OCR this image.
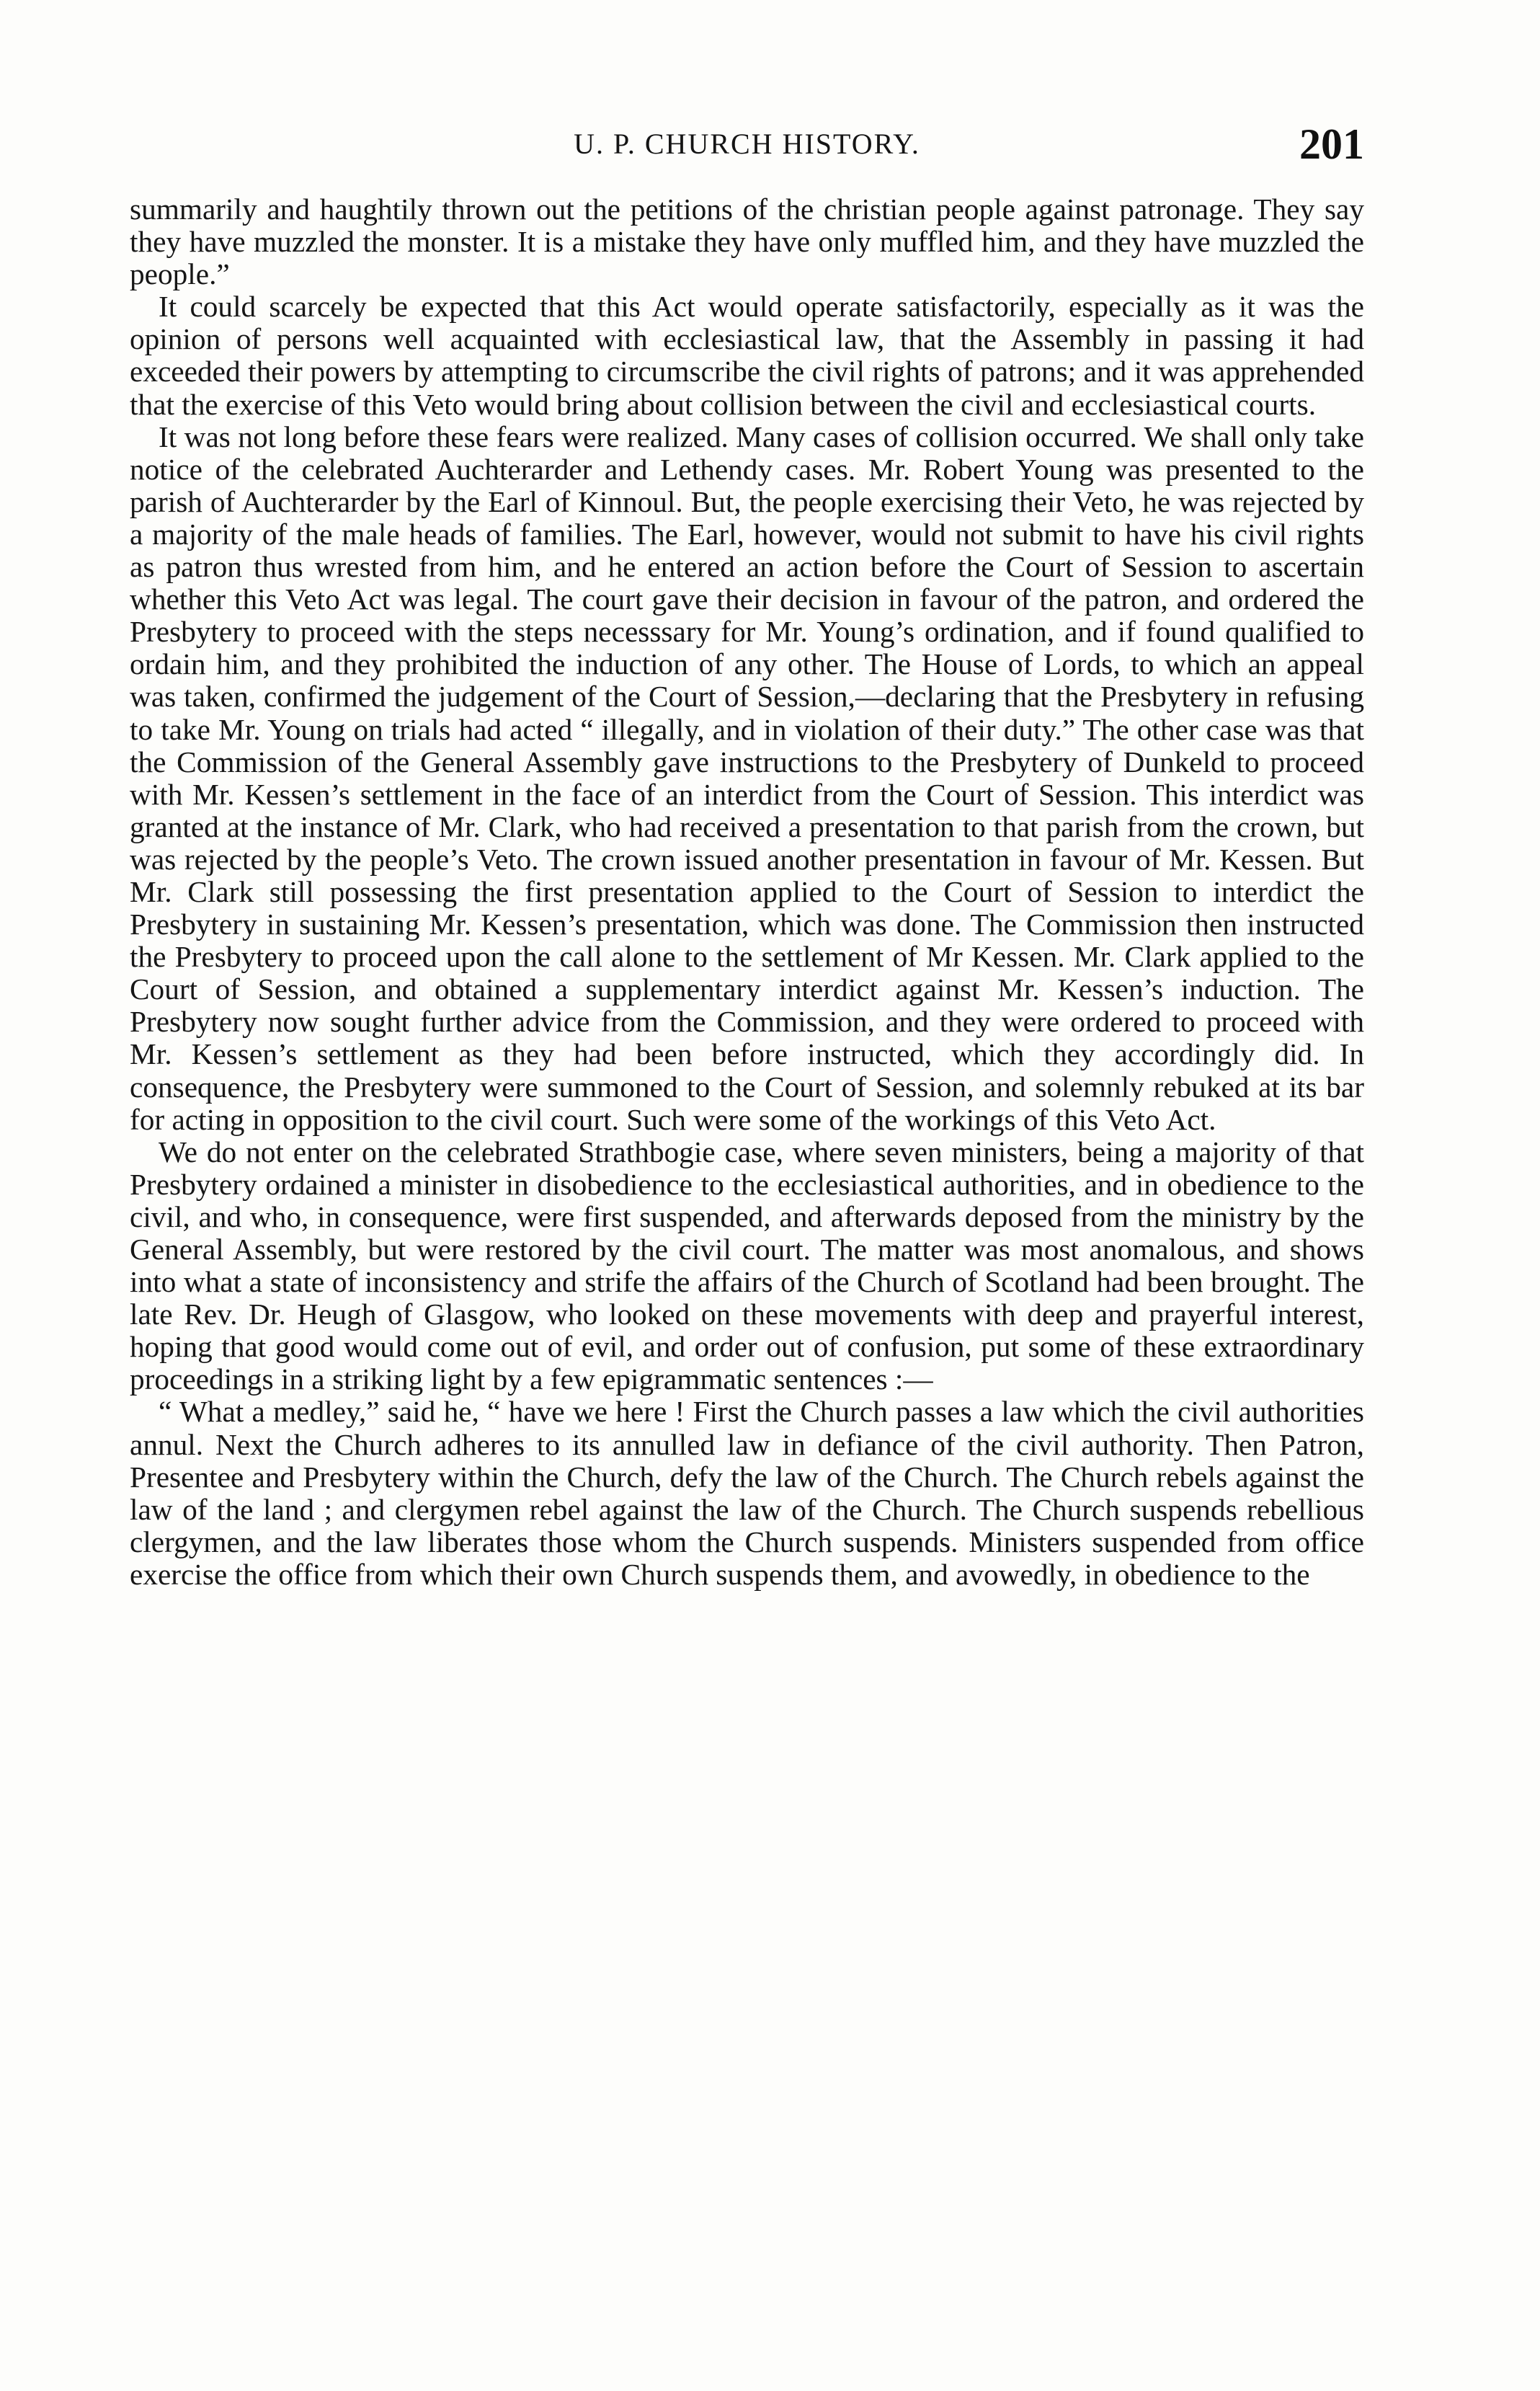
U. P. CHURCH HISTORY.	201

summarily and haughtily thrown out the petitions of the christian people against patronage. They say they have muzzled the monster. It is a mistake they have only muffled him, and they have muzzled the people.”

It could scarcely be expected that this Act would operate satisfactorily, especially as it was the opinion of persons well acquainted with ecclesiastical law, that the Assembly in passing it had exceeded their powers by attempting to circumscribe the civil rights of patrons; and it was apprehended that the exercise of this Veto would bring about collision between the civil and ecclesiastical courts.

It was not long before these fears were realized. Many cases of collision occurred. We shall only take notice of the celebrated Auchterarder and Lethendy cases. Mr. Robert Young was presented to the parish of Auchterarder by the Earl of Kinnoul. But, the people exercising their Veto, he was rejected by a majority of the male heads of families. The Earl, however, would not submit to have his civil rights as patron thus wrested from him, and he entered an action before the Court of Session to ascertain whether this Veto Act was legal. The court gave their decision in favour of the patron, and ordered the Presbytery to proceed with the steps necesssary for Mr. Young’s ordination, and if found qualified to ordain him, and they prohibited the induction of any other. The House of Lords, to which an appeal was taken, confirmed the judgement of the Court of Session,—declaring that the Presbytery in refusing to take Mr. Young on trials had acted “ illegally, and in violation of their duty.” The other case was that the Commission of the General Assembly gave instructions to the Presbytery of Dunkeld to proceed with Mr. Kessen’s settlement in the face of an interdict from the Court of Session. This interdict was granted at the instance of Mr. Clark, who had received a presentation to that parish from the crown, but was rejected by the people’s Veto. The crown issued another presentation in favour of Mr. Kessen. But Mr. Clark still possessing the first presentation applied to the Court of Session to interdict the Presbytery in sustaining Mr. Kessen’s presentation, which was done. The Commission then instructed the Presbytery to proceed upon the call alone to the settlement of Mr Kessen. Mr. Clark applied to the Court of Session, and obtained a supplementary interdict against Mr. Kessen’s induction. The Presbytery now sought further advice from the Commission, and they were ordered to proceed with Mr. Kessen’s settlement as they had been before instructed, which they accordingly did. In consequence, the Presbytery were summoned to the Court of Session, and solemnly rebuked at its bar for acting in opposition to the civil court. Such were some of the workings of this Veto Act.

We do not enter on the celebrated Strathbogie case, where seven ministers, being a majority of that Presbytery ordained a minister in disobedience to the ecclesiastical authorities, and in obedience to the civil, and who, in consequence, were first suspended, and afterwards deposed from the ministry by the General Assembly, but were restored by the civil court. The matter was most anomalous, and shows into what a state of inconsistency and strife the affairs of the Church of Scotland had been brought. The late Rev. Dr. Heugh of Glasgow, who looked on these movements with deep and prayerful interest, hoping that good would come out of evil, and order out of confusion, put some of these extraordinary proceedings in a striking light by a few epigrammatic sentences :—

“ What a medley,” said he, “ have we here ! First the Church passes a law which the civil authorities annul. Next the Church adheres to its annulled law in defiance of the civil authority. Then Patron, Presentee and Presbytery within the Church, defy the law of the Church. The Church rebels against the law of the land ; and clergymen rebel against the law of the Church. The Church suspends rebellious clergymen, and the law liberates those whom the Church suspends. Ministers suspended from office exercise the office from which their own Church suspends them, and avowedly, in obedience to the
